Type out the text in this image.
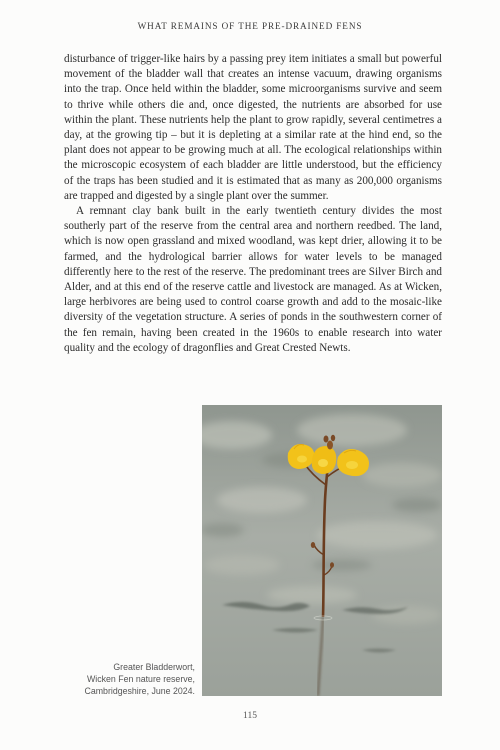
WHAT REMAINS OF THE PRE-DRAINED FENS

disturbance of trigger-like hairs by a passing prey item initiates a small but powerful movement of the bladder wall that creates an intense vacuum, drawing organisms into the trap. Once held within the bladder, some microorganisms survive and seem to thrive while others die and, once digested, the nutrients are absorbed for use within the plant. These nutrients help the plant to grow rapidly, several centimetres a day, at the growing tip – but it is depleting at a similar rate at the hind end, so the plant does not appear to be growing much at all. The ecological relationships within the microscopic ecosystem of each bladder are little understood, but the efficiency of the traps has been studied and it is estimated that as many as 200,000 organisms are trapped and digested by a single plant over the summer.

A remnant clay bank built in the early twentieth century divides the most southerly part of the reserve from the central area and northern reedbed. The land, which is now open grassland and mixed woodland, was kept drier, allowing it to be farmed, and the hydrological barrier allows for water levels to be managed differently here to the rest of the reserve. The predominant trees are Silver Birch and Alder, and at this end of the reserve cattle and livestock are managed. As at Wicken, large herbivores are being used to control coarse growth and add to the mosaic-like diversity of the vegetation structure. A series of ponds in the southwestern corner of the fen remain, having been created in the 1960s to enable research into water quality and the ecology of dragonflies and Great Crested Newts.

Greater Bladderwort,
Wicken Fen nature reserve,
Cambridgeshire, June 2024.
115
